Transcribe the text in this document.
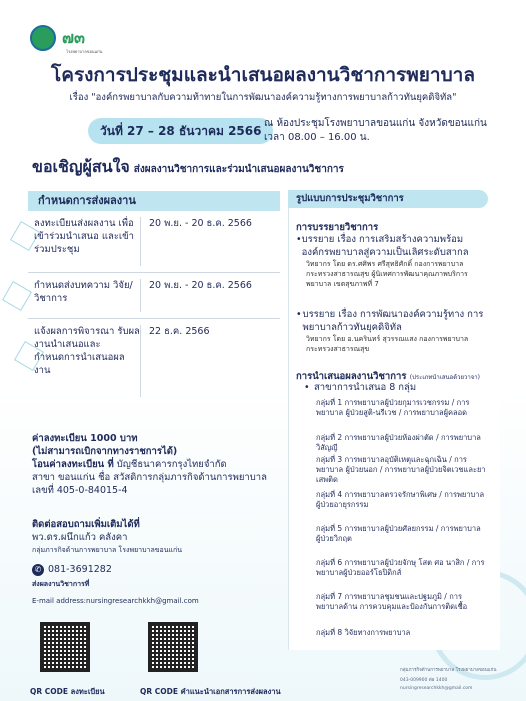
๗๓
โรงพยาบาลขอนแก่น
โครงการประชุมและนำเสนอผลงานวิชาการพยาบาล
เรื่อง "องค์กรพยาบาลกับความท้าทายในการพัฒนาองค์ความรู้ทางการพยาบาลก้าวทันยุคดิจิทัล"
วันที่ 27 – 28 ธันวาคม 2566
ณ ห้องประชุมโรงพยาบาลขอนแก่น จังหวัดขอนแก่น
เวลา 08.00 – 16.00 น.
ขอเชิญผู้สนใจ ส่งผลงานวิชาการและร่วมนำเสนอผลงานวิชาการ
กำหนดการส่งผลงาน
ลงทะเบียนส่งผลงาน เพื่อเข้าร่วมนำเสนอ และเข้าร่วมประชุม
20 พ.ย. - 20 ธ.ค. 2566
กำหนดส่งบทความ วิจัย/วิชาการ
20 พ.ย. - 20 ธ.ค. 2566
แจ้งผลการพิจารณา รับผลงานนำเสนอและ กำหนดการนำเสนอผล งาน
22 ธ.ค. 2566
ค่าลงทะเบียน 1000 บาท
(ไม่สามารถเบิกจากทางราชการได้)
โอนค่าลงทะเบียน ที่ บัญชีธนาคารกรุงไทยจำกัด
สาขา ขอนแก่น ชื่อ สวัสดิการกลุ่มภารกิจด้านการพยาบาล
เลขที่ 405-0-84015-4
ติดต่อสอบถามเพิ่มเติมได้ที่
พว.ดร.ผนึกแก้ว คลังคา
กลุ่มภารกิจด้านการพยาบาล โรงพยาบาลขอนแก่น
✆ 081-3691282
ส่งผลงานวิชาการที่
E-mail address:nursingresearchkkh@gmail.com
QR CODE ลงทะเบียน	QR CODE คำแนะนำเอกสารการส่งผลงาน
รูปแบบการประชุมวิชาการ
การบรรยายวิชาการ
• บรรยาย เรื่อง การเสริมสร้างความพร้อม องค์กรพยาบาลสู่ความเป็นเลิศระดับสากล
วิทยากร โดย ดร.ศศิพร ศรีสุทธิศักดิ์ กองการพยาบาล กระทรวงสาธารณสุข ผู้นิเทศการพัฒนาคุณภาพบริการ พยาบาล เขตสุขภาพที่ 7
• บรรยาย เรื่อง การพัฒนาองค์ความรู้ทาง การพยาบาลก้าวทันยุคดิจิทัล
วิทยากร โดย อ.นครินทร์ สุวรรณแสง กองการพยาบาล กระทรวงสาธารณสุข
การนำเสนอผลงานวิชาการ (ประเภทนำเสนอด้วยวาจา)
• สาขาการนำเสนอ 8 กลุ่ม
กลุ่มที่ 1 การพยาบาลผู้ป่วยกุมารเวชกรรม / การพยาบาล ผู้ป่วยสูติ-นรีเวช / การพยาบาลผู้คลอด
กลุ่มที่ 2 การพยาบาลผู้ป่วยห้องผ่าตัด / การพยาบาลวิสัญญี
กลุ่มที่ 3 การพยาบาลอุบัติเหตุและฉุกเฉิน / การพยาบาล ผู้ป่วยนอก / การพยาบาลผู้ป่วยจิตเวชและยาเสพติด
กลุ่มที่ 4 การพยาบาลตรวจรักษาพิเศษ / การพยาบาล ผู้ป่วยอายุรกรรม
กลุ่มที่ 5 การพยาบาลผู้ป่วยศัลยกรรม / การพยาบาล ผู้ป่วยวิกฤต
กลุ่มที่ 6 การพยาบาลผู้ป่วยจักษุ โสต ศอ นาสิก / การพยาบาลผู้ป่วยออร์โธปิดิกส์
กลุ่มที่ 7 การพยาบาลชุมชนและปฐมภูมิ / การพยาบาลด้าน การควบคุมและป้องกันการติดเชื้อ
กลุ่มที่ 8 วิจัยทางการพยาบาล
กลุ่มภารกิจด้านการพยาบาล โรงพยาบาลขอนแก่น
043-009900 ต่อ 1400
nursingresearchkkh@gmail.com
